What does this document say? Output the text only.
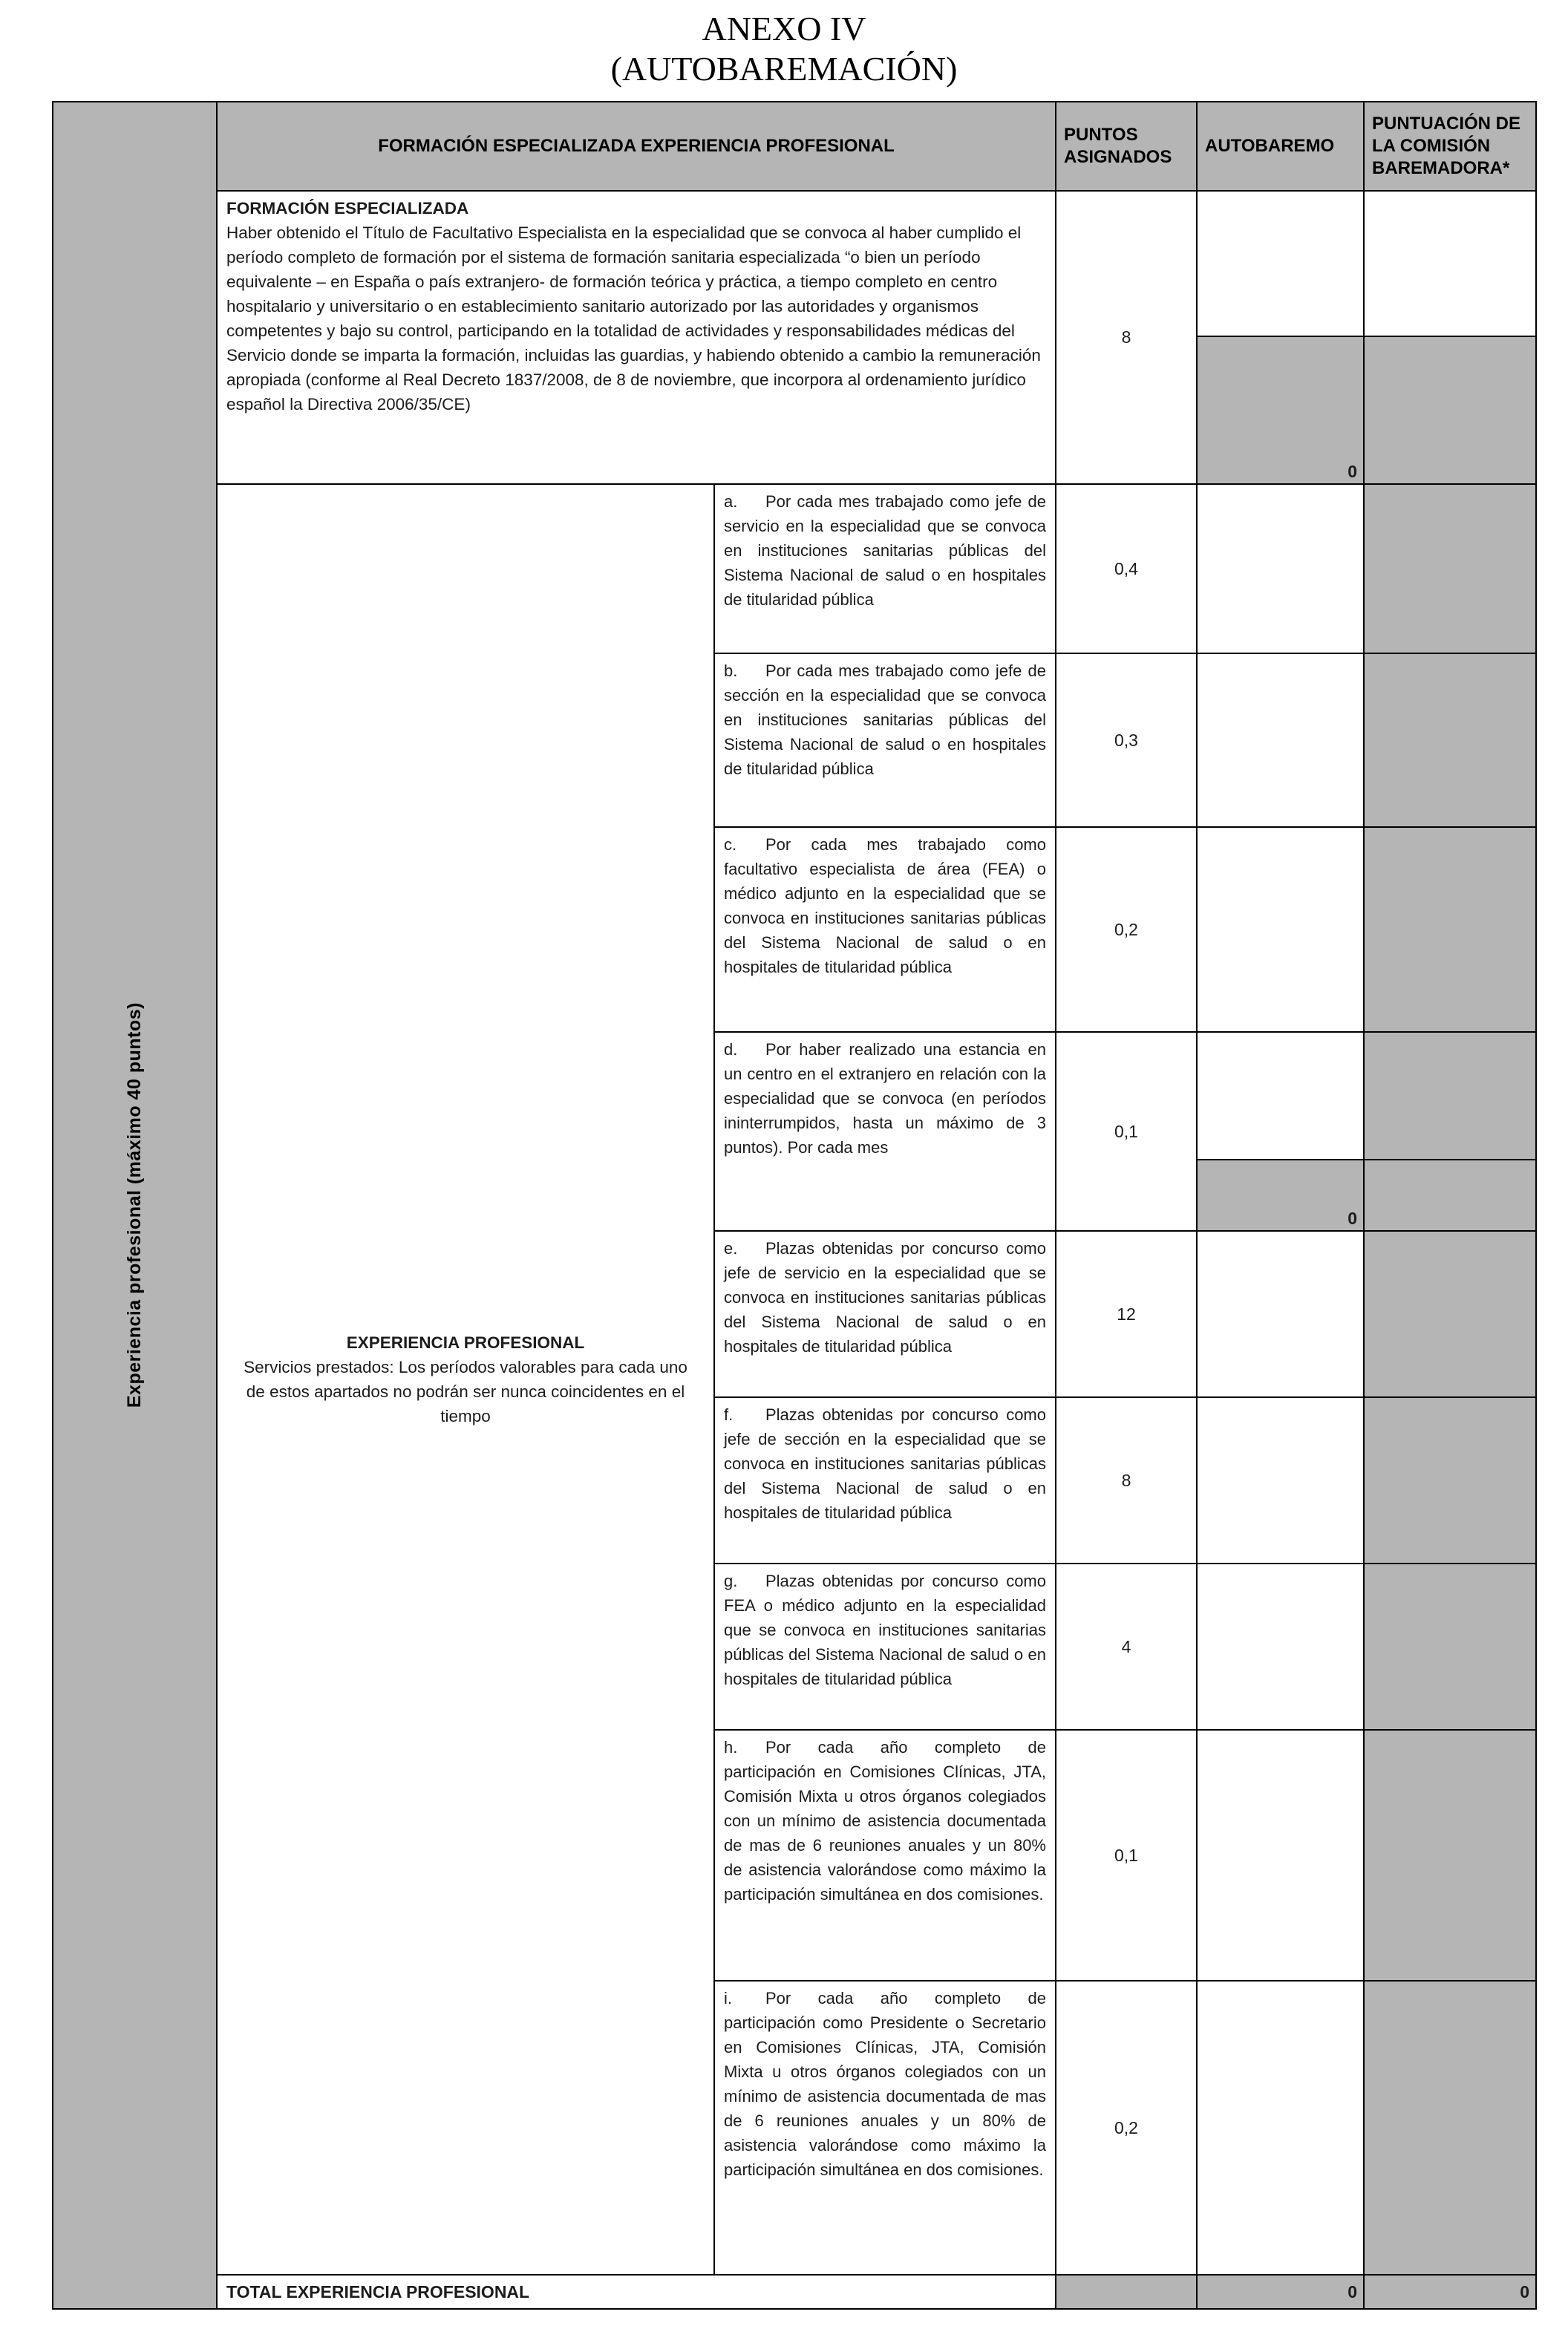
ANEXO IV
(AUTOBAREMACIÓN)
Experiencia profesional (máximo 40 puntos)
FORMACIÓN ESPECIALIZADA EXPERIENCIA PROFESIONAL
PUNTOS ASIGNADOS
AUTOBAREMO
PUNTUACIÓN DE LA COMISIÓN BAREMADORA*
FORMACIÓN ESPECIALIZADA
Haber obtenido el Título de Facultativo Especialista en la especialidad que se convoca al haber cumplido el período completo de formación por el sistema de formación sanitaria especializada “o bien un período equivalente – en España o país extranjero- de formación teórica y práctica, a tiempo completo en centro hospitalario y universitario o en establecimiento sanitario autorizado por las autoridades y organismos competentes y bajo su control, participando en la totalidad de actividades y responsabilidades médicas del Servicio donde se imparta la formación, incluidas las guardias, y habiendo obtenido a cambio la remuneración apropiada (conforme al Real Decreto 1837/2008, de 8 de noviembre, que incorpora al ordenamiento jurídico español la Directiva 2006/35/CE)
8
0
EXPERIENCIA PROFESIONAL
Servicios prestados: Los períodos valorables para cada uno de estos apartados no podrán ser nunca coincidentes en el tiempo
a. Por cada mes trabajado como jefe de servicio en la especialidad que se convoca en instituciones sanitarias públicas del Sistema Nacional de salud o en hospitales de titularidad pública
0,4
b. Por cada mes trabajado como jefe de sección en la especialidad que se convoca en instituciones sanitarias públicas del Sistema Nacional de salud o en hospitales de titularidad pública
0,3
c. Por cada mes trabajado como facultativo especialista de área (FEA) o médico adjunto en la especialidad que se convoca en instituciones sanitarias públicas del Sistema Nacional de salud o en hospitales de titularidad pública
0,2
d. Por haber realizado una estancia en un centro en el extranjero en relación con la especialidad que se convoca (en períodos ininterrumpidos, hasta un máximo de 3 puntos). Por cada mes
0,1
0
e. Plazas obtenidas por concurso como jefe de servicio en la especialidad que se convoca en instituciones sanitarias públicas del Sistema Nacional de salud o en hospitales de titularidad pública
12
f. Plazas obtenidas por concurso como jefe de sección en la especialidad que se convoca en instituciones sanitarias públicas del Sistema Nacional de salud o en hospitales de titularidad pública
8
g. Plazas obtenidas por concurso como FEA o médico adjunto en la especialidad que se convoca en instituciones sanitarias públicas del Sistema Nacional de salud o en hospitales de titularidad pública
4
h. Por cada año completo de participación en Comisiones Clínicas, JTA, Comisión Mixta u otros órganos colegiados con un mínimo de asistencia documentada de mas de 6 reuniones anuales y un 80% de asistencia valorándose como máximo la participación simultánea en dos comisiones.
0,1
i. Por cada año completo de participación como Presidente o Secretario en Comisiones Clínicas, JTA, Comisión Mixta u otros órganos colegiados con un mínimo de asistencia documentada de mas de 6 reuniones anuales y un 80% de asistencia valorándose como máximo la participación simultánea en dos comisiones.
0,2
TOTAL EXPERIENCIA PROFESIONAL	0	0
